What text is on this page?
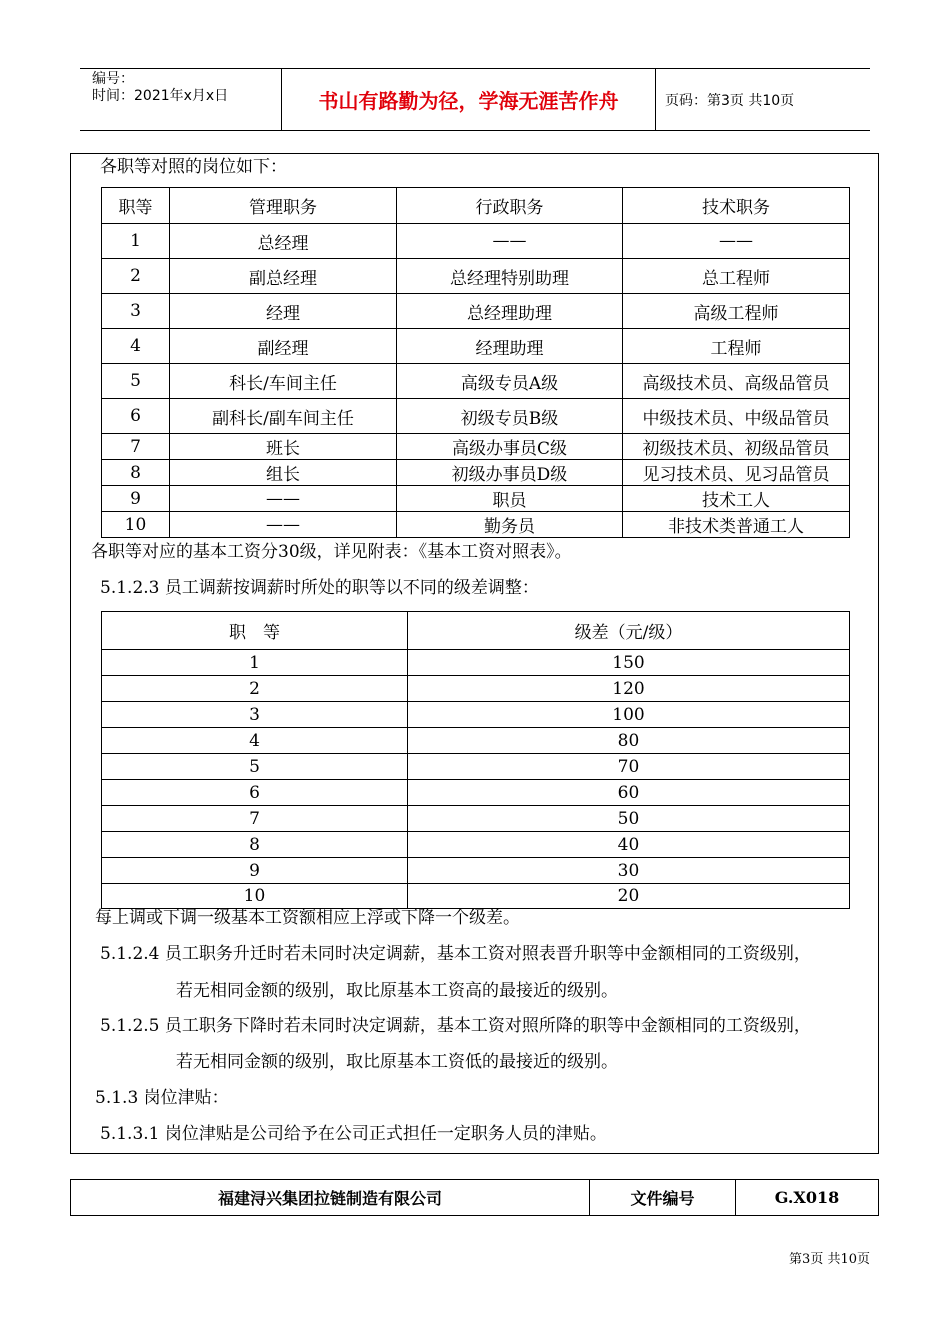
编号：
时间：2021年x月x日	书山有路勤为径，学海无涯苦作舟	页码：第3页 共10页
各职等对照的岗位如下：
职等	管理职务	行政职务	技术职务
1	总经理	——	——
2	副总经理	总经理特别助理	总工程师
3	经理	总经理助理	高级工程师
4	副经理	经理助理	工程师
5	科长/车间主任	高级专员A级	高级技术员、高级品管员
6	副科长/副车间主任	初级专员B级	中级技术员、中级品管员
7	班长	高级办事员C级	初级技术员、初级品管员
8	组长	初级办事员D级	见习技术员、见习品管员
9	——	职员	技术工人
10	——	勤务员	非技术类普通工人
各职等对应的基本工资分30级，详见附表：《基本工资对照表》。
5.1.2.3 员工调薪按调薪时所处的职等以不同的级差调整：
职　等	级差（元/级）
1	150
2	120
3	100
4	80
5	70
6	60
7	50
8	40
9	30
10	20
每上调或下调一级基本工资额相应上浮或下降一个级差。
5.1.2.4 员工职务升迁时若未同时决定调薪，基本工资对照表晋升职等中金额相同的工资级别，
若无相同金额的级别，取比原基本工资高的最接近的级别。
5.1.2.5 员工职务下降时若未同时决定调薪，基本工资对照所降的职等中金额相同的工资级别，
若无相同金额的级别，取比原基本工资低的最接近的级别。
5.1.3 岗位津贴：
5.1.3.1 岗位津贴是公司给予在公司正式担任一定职务人员的津贴。
福建浔兴集团拉链制造有限公司	文件编号	G.X018
第3页 共10页
